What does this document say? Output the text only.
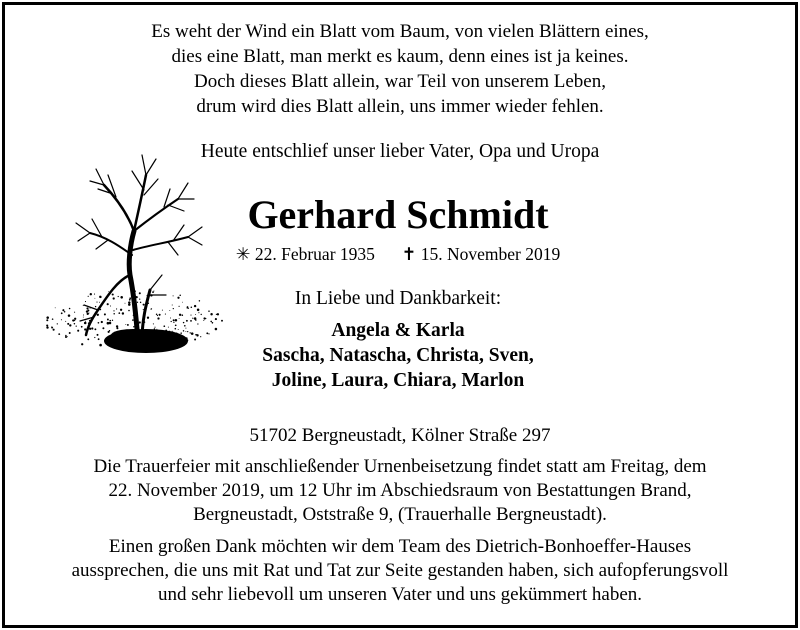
Es weht der Wind ein Blatt vom Baum, von vielen Blättern eines,
dies eine Blatt, man merkt es kaum, denn eines ist ja keines.
Doch dieses Blatt allein, war Teil von unserem Leben,
drum wird dies Blatt allein, uns immer wieder fehlen.
Heute entschlief unser lieber Vater, Opa und Uropa
Gerhard Schmidt
✳ 22. Februar 1935 ✝ 15. November 2019
In Liebe und Dankbarkeit:
Angela & Karla
Sascha, Natascha, Christa, Sven,
Joline, Laura, Chiara, Marlon
51702 Bergneustadt, Kölner Straße 297
Die Trauerfeier mit anschließender Urnenbeisetzung findet statt am Freitag, dem
22. November 2019, um 12 Uhr im Abschiedsraum von Bestattungen Brand,
Bergneustadt, Oststraße 9, (Trauerhalle Bergneustadt).
Einen großen Dank möchten wir dem Team des Dietrich-Bonhoeffer-Hauses
aussprechen, die uns mit Rat und Tat zur Seite gestanden haben, sich aufopferungsvoll
und sehr liebevoll um unseren Vater und uns gekümmert haben.
